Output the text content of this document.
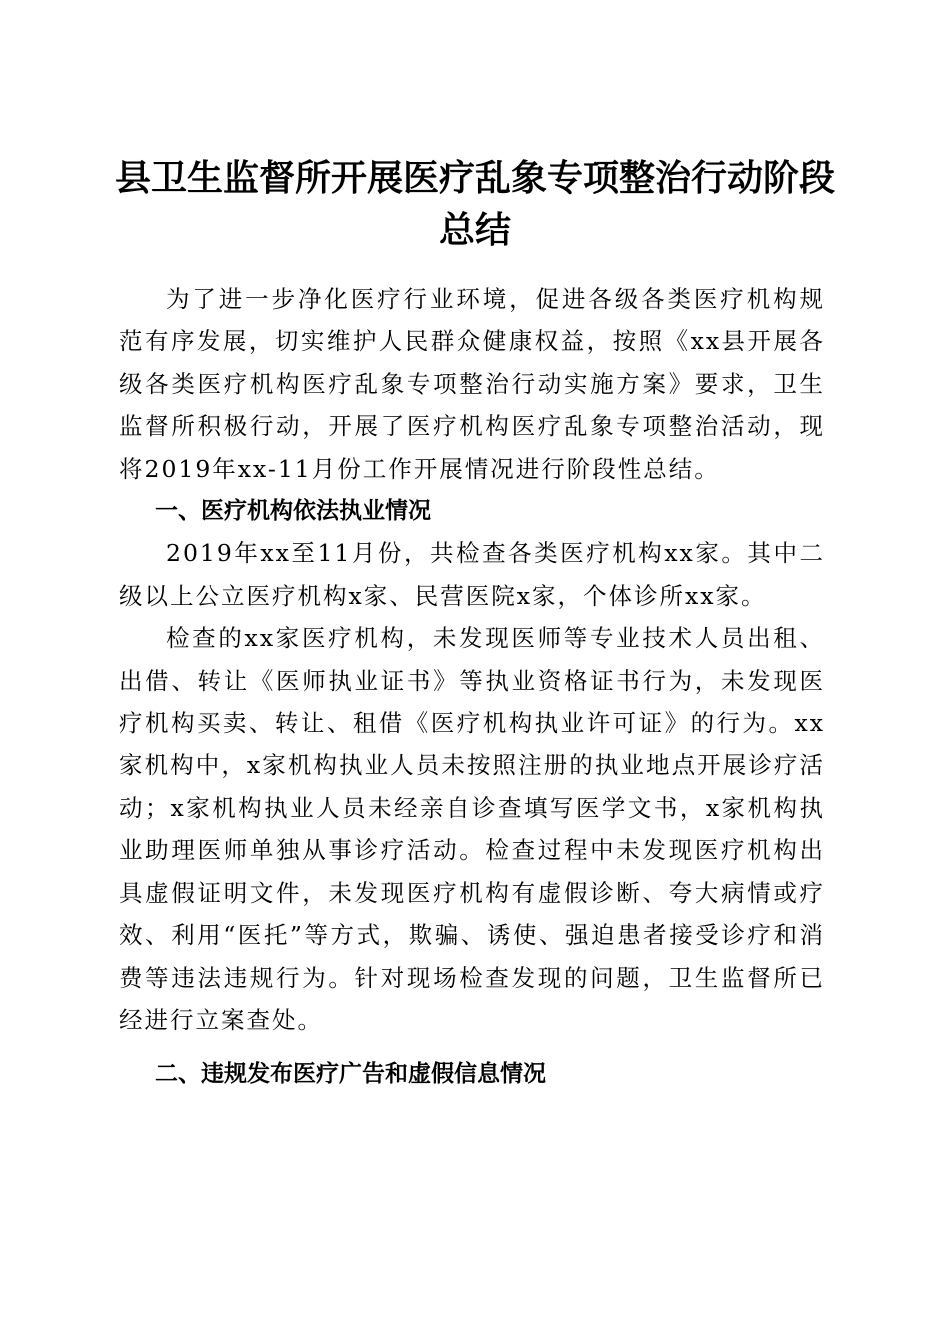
县卫生监督所开展医疗乱象专项整治行动阶段
总结

为了进一步净化医疗行业环境，促进各级各类医疗机构规范有序发展，切实维护人民群众健康权益，按照《xx县开展各级各类医疗机构医疗乱象专项整治行动实施方案》要求，卫生监督所积极行动，开展了医疗机构医疗乱象专项整治活动，现将2019年xx-11月份工作开展情况进行阶段性总结。

一、医疗机构依法执业情况

2019年xx至11月份，共检查各类医疗机构xx家。其中二级以上公立医疗机构x家、民营医院x家，个体诊所xx家。

检查的xx家医疗机构，未发现医师等专业技术人员出租、出借、转让《医师执业证书》等执业资格证书行为，未发现医疗机构买卖、转让、租借《医疗机构执业许可证》的行为。xx家机构中，x家机构执业人员未按照注册的执业地点开展诊疗活动；x家机构执业人员未经亲自诊查填写医学文书，x家机构执业助理医师单独从事诊疗活动。检查过程中未发现医疗机构出具虚假证明文件，未发现医疗机构有虚假诊断、夸大病情或疗效、利用“医托”等方式，欺骗、诱使、强迫患者接受诊疗和消费等违法违规行为。针对现场检查发现的问题，卫生监督所已经进行立案查处。

二、违规发布医疗广告和虚假信息情况
